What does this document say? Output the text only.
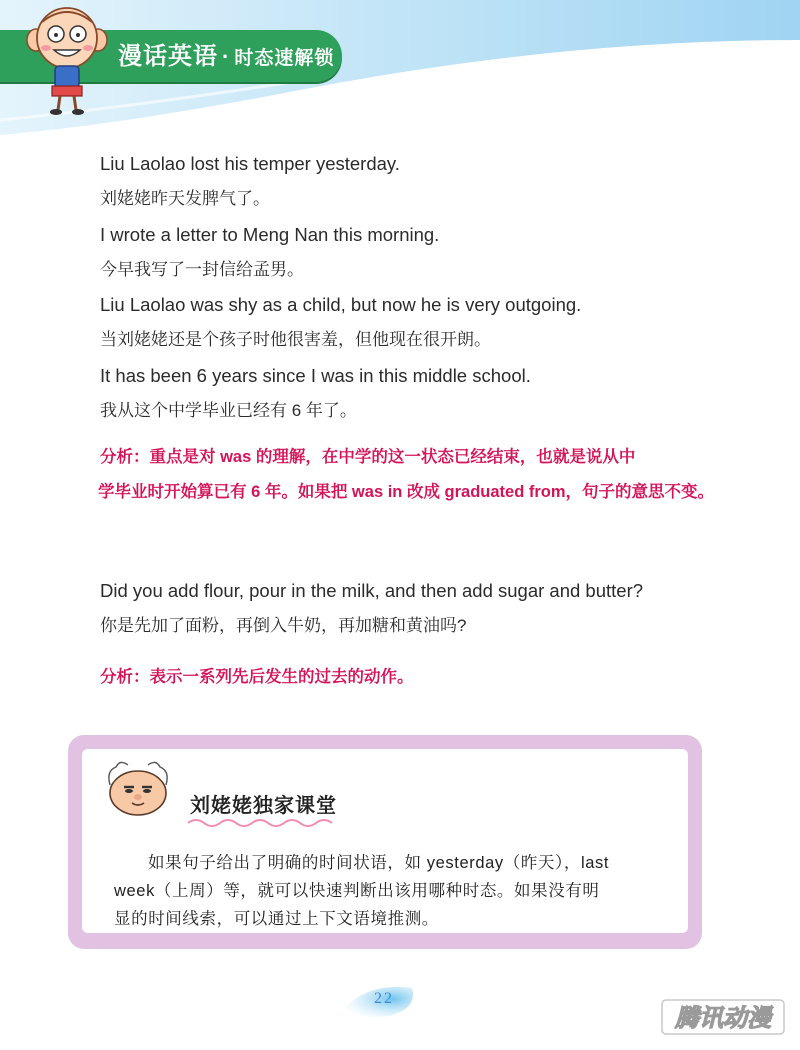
漫话英语 · 时态速解锁
Liu Laolao lost his temper yesterday.
刘姥姥昨天发脾气了。
I wrote a letter to Meng Nan this morning.
今早我写了一封信给孟男。
Liu Laolao was shy as a child, but now he is very outgoing.
当刘姥姥还是个孩子时他很害羞，但他现在很开朗。
It has been 6 years since I was in this middle school.
我从这个中学毕业已经有 6 年了。
分析：重点是对 was 的理解，在中学的这一状态已经结束，也就是说从中
学毕业时开始算已有 6 年。如果把 was in 改成 graduated from，句子的意思不变。
Did you add flour, pour in the milk, and then add sugar and butter?
你是先加了面粉，再倒入牛奶，再加糖和黄油吗?
分析：表示一系列先后发生的过去的动作。
刘姥姥独家课堂
如果句子给出了明确的时间状语，如 yesterday（昨天），last
week（上周）等，就可以快速判断出该用哪种时态。如果没有明
显的时间线索，可以通过上下文语境推测。
22
腾讯动漫
